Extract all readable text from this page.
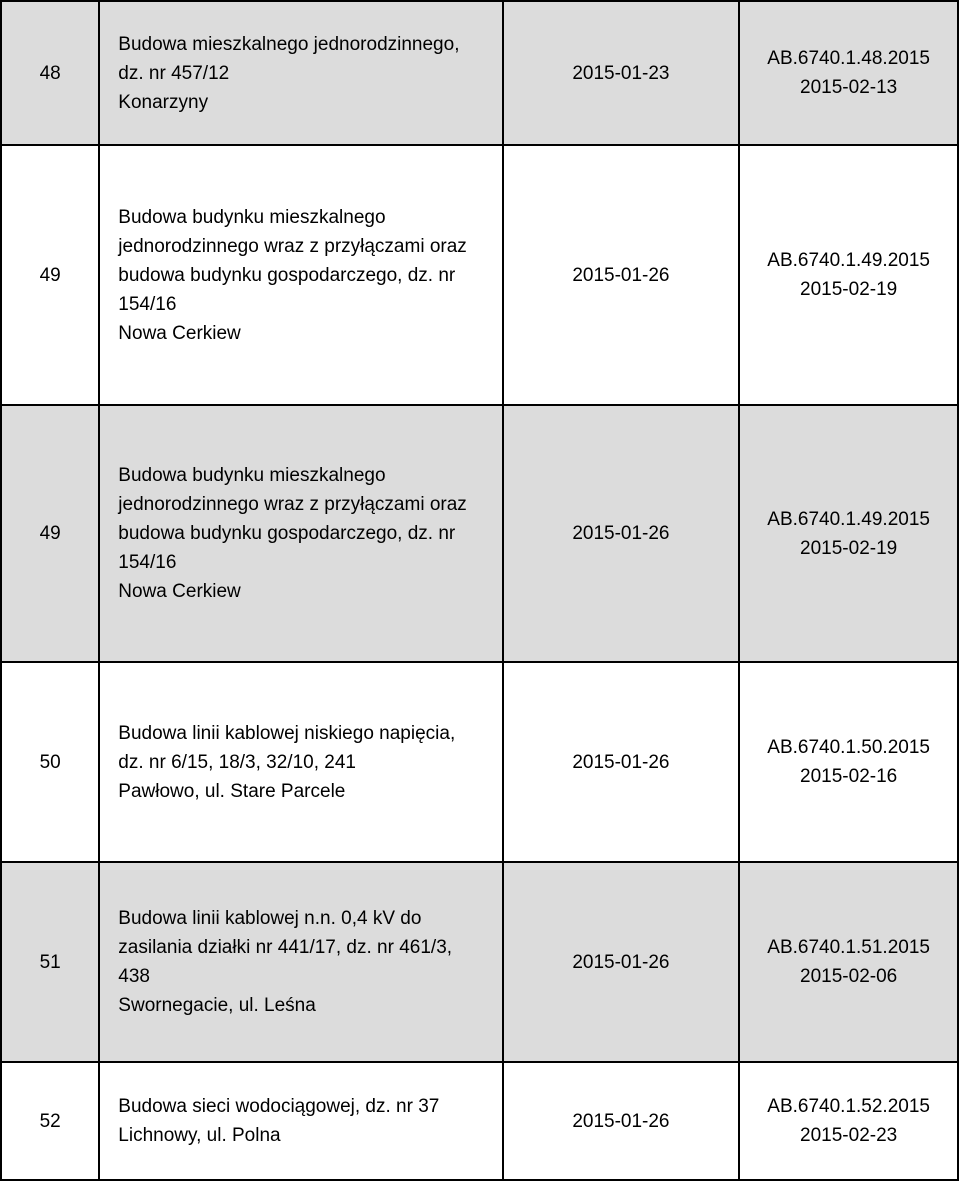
48	Budowa mieszkalnego jednorodzinnego,
dz. nr 457/12
Konarzyny	2015-01-23	AB.6740.1.48.2015
2015-02-13

49	Budowa budynku mieszkalnego
jednorodzinnego wraz z przyłączami oraz
budowa budynku gospodarczego, dz. nr
154/16
Nowa Cerkiew	2015-01-26	AB.6740.1.49.2015
2015-02-19

49	Budowa budynku mieszkalnego
jednorodzinnego wraz z przyłączami oraz
budowa budynku gospodarczego, dz. nr
154/16
Nowa Cerkiew	2015-01-26	AB.6740.1.49.2015
2015-02-19

50	Budowa linii kablowej niskiego napięcia,
dz. nr 6/15, 18/3, 32/10, 241
Pawłowo, ul. Stare Parcele	2015-01-26	AB.6740.1.50.2015
2015-02-16

51	Budowa linii kablowej n.n. 0,4 kV do
zasilania działki nr 441/17, dz. nr 461/3,
438
Swornegacie, ul. Leśna	2015-01-26	AB.6740.1.51.2015
2015-02-06

52	Budowa sieci wodociągowej, dz. nr 37
Lichnowy, ul. Polna	2015-01-26	AB.6740.1.52.2015
2015-02-23
